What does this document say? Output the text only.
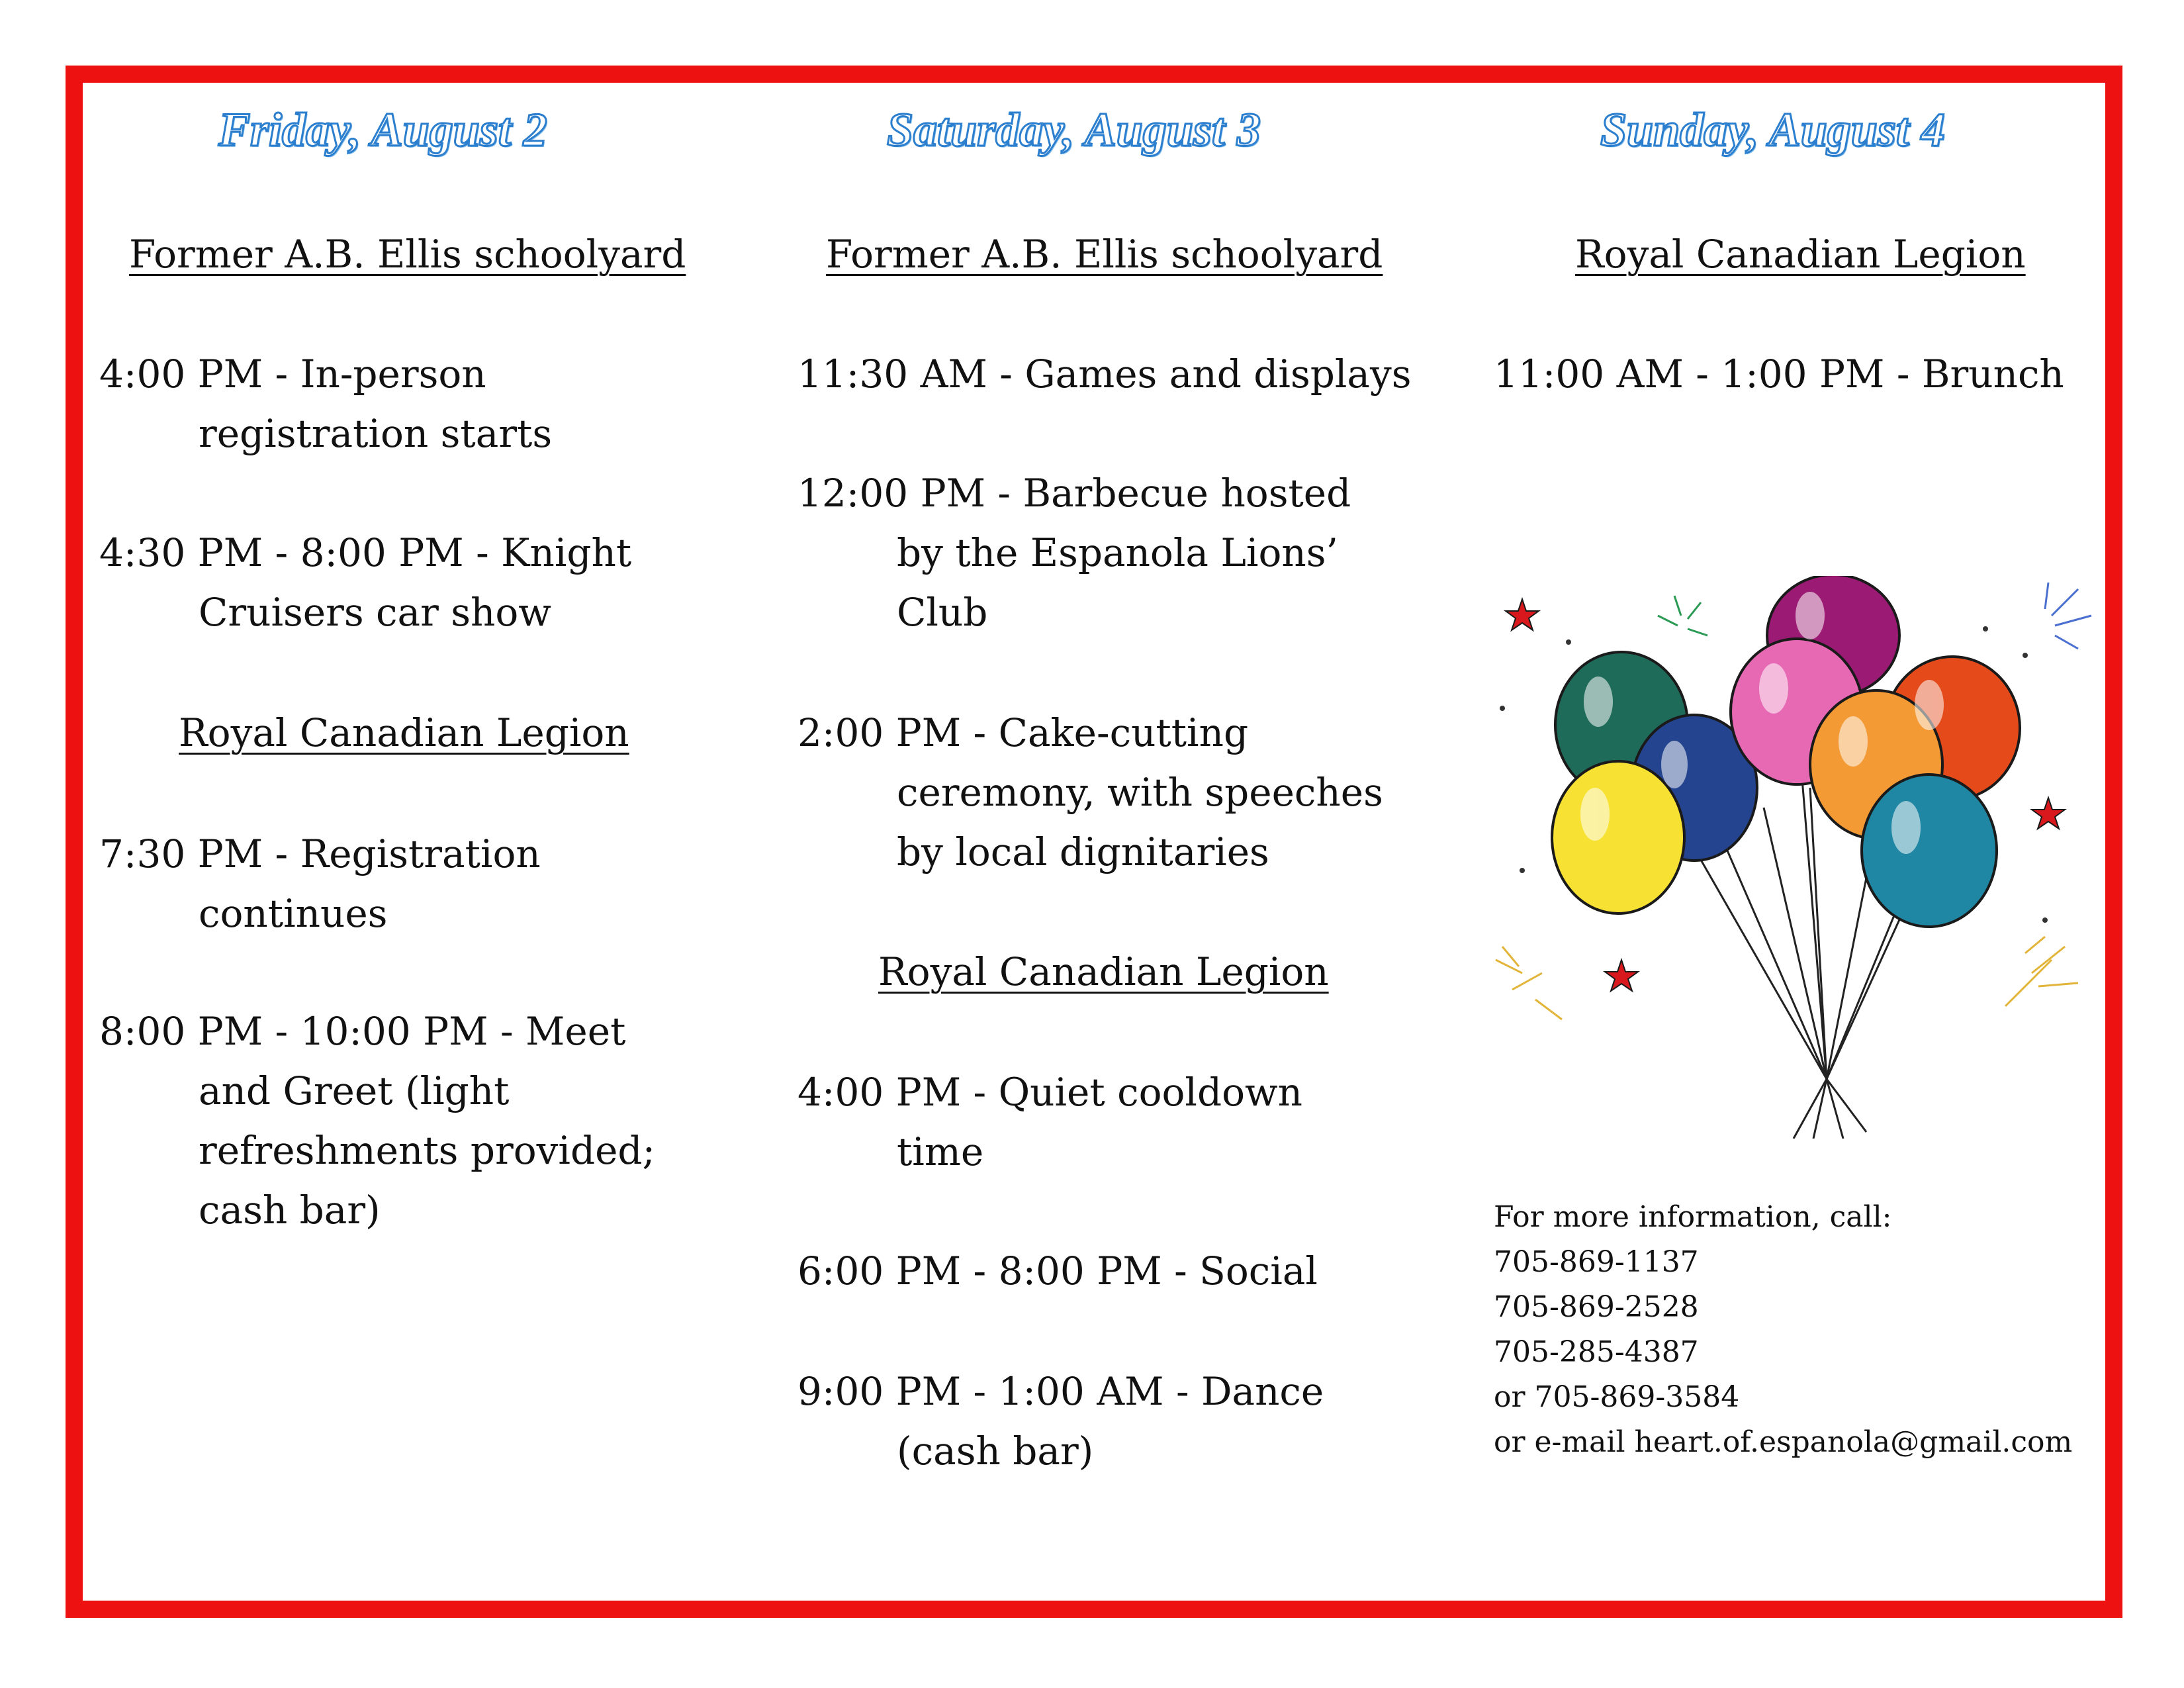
Friday, August 2

Former A.B. Ellis schoolyard

4:00 PM - In-person
registration starts
4:30 PM - 8:00 PM - Knight
Cruisers car show

Royal Canadian Legion

7:30 PM - Registration
continues
8:00 PM - 10:00 PM - Meet
and Greet (light
refreshments provided;
cash bar)
Saturday, August 3

Former A.B. Ellis schoolyard

11:30 AM - Games and displays
12:00 PM - Barbecue hosted
by the Espanola Lions’
Club
2:00 PM - Cake-cutting
ceremony, with speeches
by local dignitaries

Royal Canadian Legion

4:00 PM - Quiet cooldown
time
6:00 PM - 8:00 PM - Social
9:00 PM - 1:00 AM - Dance
(cash bar)
Sunday, August 4

Royal Canadian Legion

11:00 AM - 1:00 PM - Brunch
For more information, call:
705-869-1137
705-869-2528
705-285-4387
or 705-869-3584
or e-mail heart.of.espanola@gmail.com
